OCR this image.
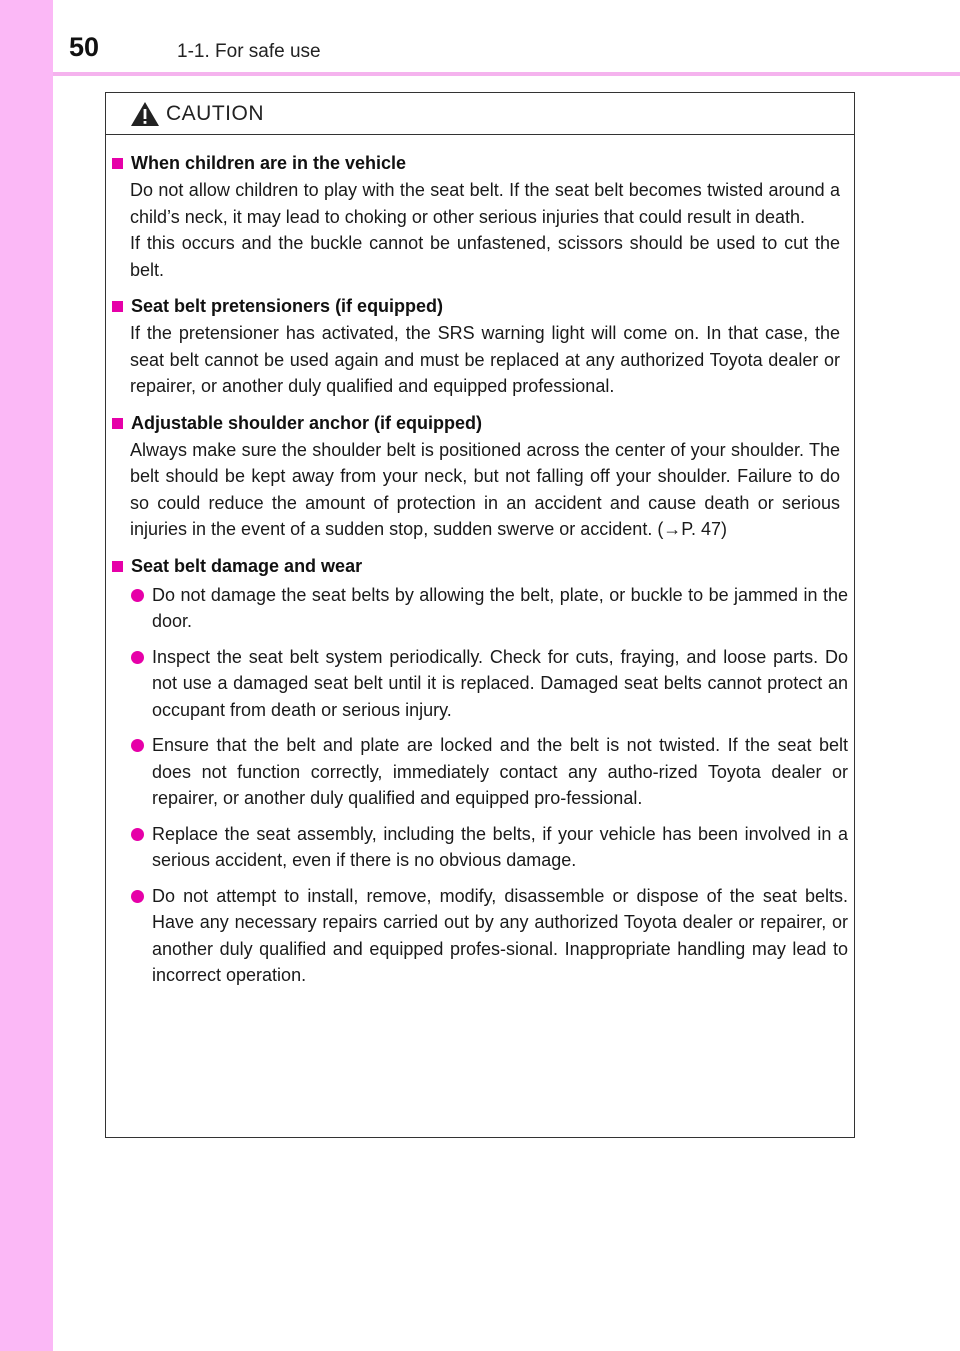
50	1-1. For safe use
CAUTION
When children are in the vehicle

Do not allow children to play with the seat belt. If the seat belt becomes twisted around a child’s neck, it may lead to choking or other serious injuries that could result in death.

If this occurs and the buckle cannot be unfastened, scissors should be used to cut the belt.

Seat belt pretensioners (if equipped)

If the pretensioner has activated, the SRS warning light will come on. In that case, the seat belt cannot be used again and must be replaced at any authorized Toyota dealer or repairer, or another duly qualified and equipped professional.

Adjustable shoulder anchor (if equipped)

Always make sure the shoulder belt is positioned across the center of your shoulder. The belt should be kept away from your neck, but not falling off your shoulder. Failure to do so could reduce the amount of protection in an accident and cause death or serious injuries in the event of a sudden stop, sudden swerve or accident. (→P. 47)

Seat belt damage and wear
Do not damage the seat belts by allowing the belt, plate, or buckle to be jammed in the door.
Inspect the seat belt system periodically. Check for cuts, fraying, and loose parts. Do not use a damaged seat belt until it is replaced. Damaged seat belts cannot protect an occupant from death or serious injury.
Ensure that the belt and plate are locked and the belt is not twisted. If the seat belt does not function correctly, immediately contact any autho-rized Toyota dealer or repairer, or another duly qualified and equipped pro-fessional.
Replace the seat assembly, including the belts, if your vehicle has been involved in a serious accident, even if there is no obvious damage.
Do not attempt to install, remove, modify, disassemble or dispose of the seat belts. Have any necessary repairs carried out by any authorized Toyota dealer or repairer, or another duly qualified and equipped profes-sional. Inappropriate handling may lead to incorrect operation.
